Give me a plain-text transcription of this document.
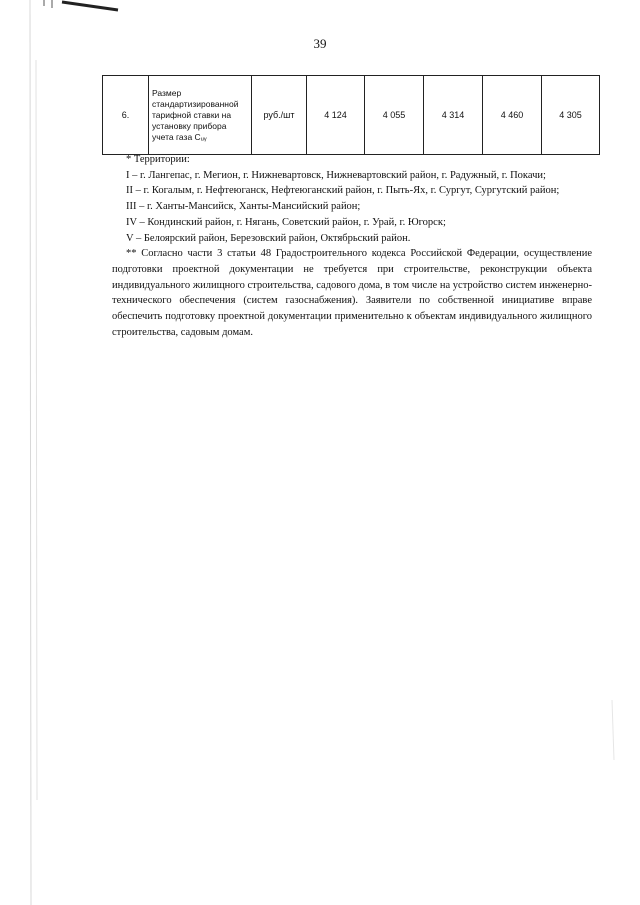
39
6.	Размер стандартизированной тарифной ставки на установку прибора учета газа Сᵤᵧ	руб./шт	4 124	4 055	4 314	4 460	4 305

* Территории:

I – г. Лангепас, г. Мегион, г. Нижневартовск, Нижневартовский район, г. Радужный, г. Покачи;

II – г. Когалым, г. Нефтеюганск, Нефтеюганский район, г. Пыть-Ях, г. Сургут, Сургутский район;

III – г. Ханты-Мансийск, Ханты-Мансийский район;

IV – Кондинский район, г. Нягань, Советский район, г. Урай, г. Югорск;

V – Белоярский район, Березовский район, Октябрьский район.

** Согласно части 3 статьи 48 Градостроительного кодекса Российской Федерации, осуществление подготовки проектной документации не требуется при строительстве, реконструкции объекта индивидуального жилищного строительства, садового дома, в том числе на устройство систем инженерно-технического обеспечения (систем газоснабжения). Заявители по собственной инициативе вправе обеспечить подготовку проектной документации применительно к объектам индивидуального жилищного строительства, садовым домам.
